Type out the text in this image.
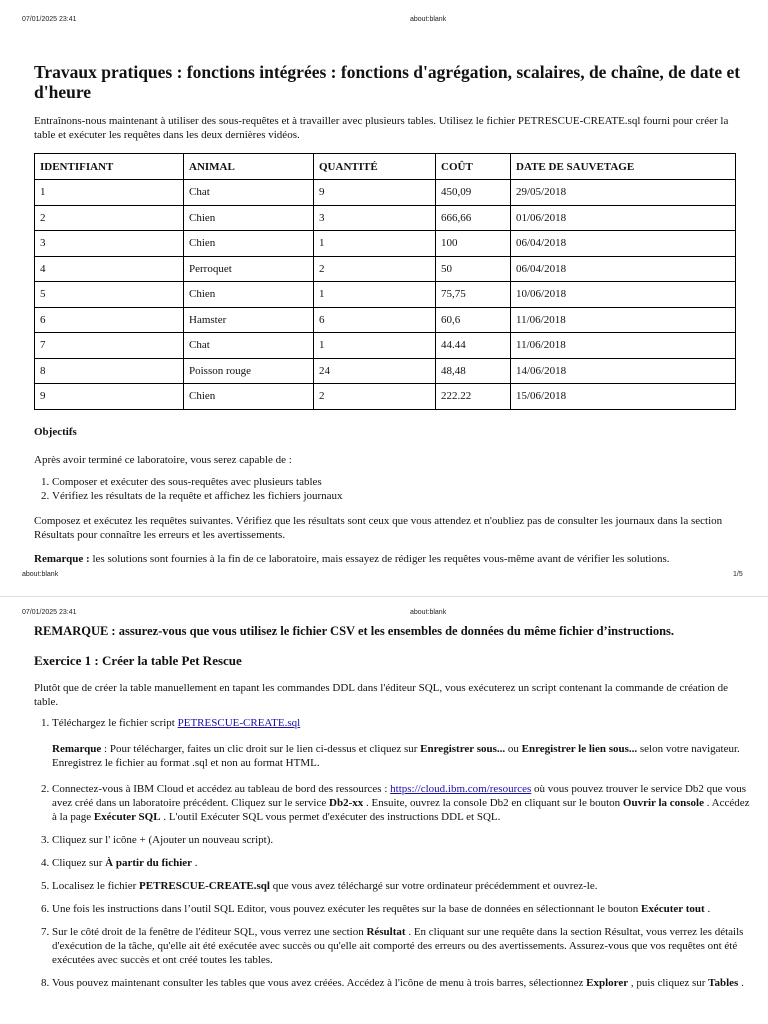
07/01/2025 23:41	about:blank
Travaux pratiques : fonctions intégrées : fonctions d'agrégation, scalaires, de chaîne, de date et d'heure

Entraînons-nous maintenant à utiliser des sous-requêtes et à travailler avec plusieurs tables. Utilisez le fichier PETRESCUE-CREATE.sql fourni pour créer la table et exécuter les requêtes dans les deux dernières vidéos.

IDENTIFIANT	ANIMAL	QUANTITÉ	COÛT	DATE DE SAUVETAGE
1	Chat	9	450,09	29/05/2018
2	Chien	3	666,66	01/06/2018
3	Chien	1	100	06/04/2018
4	Perroquet	2	50	06/04/2018
5	Chien	1	75,75	10/06/2018
6	Hamster	6	60,6	11/06/2018
7	Chat	1	44.44	11/06/2018
8	Poisson rouge	24	48,48	14/06/2018
9	Chien	2	222.22	15/06/2018

Objectifs

Après avoir terminé ce laboratoire, vous serez capable de :

1. Composer et exécuter des sous-requêtes avec plusieurs tables
2. Vérifiez les résultats de la requête et affichez les fichiers journaux

Composez et exécutez les requêtes suivantes. Vérifiez que les résultats sont ceux que vous attendez et n'oubliez pas de consulter les journaux dans la section Résultats pour connaître les erreurs et les avertissements.

Remarque : les solutions sont fournies à la fin de ce laboratoire, mais essayez de rédiger les requêtes vous-même avant de vérifier les solutions.

about:blank	1/5
07/01/2025 23:41	about:blank

REMARQUE : assurez-vous que vous utilisez le fichier CSV et les ensembles de données du même fichier d’instructions.

Exercice 1 : Créer la table Pet Rescue

Plutôt que de créer la table manuellement en tapant les commandes DDL dans l'éditeur SQL, vous exécuterez un script contenant la commande de création de table.

1. Téléchargez le fichier script PETRESCUE-CREATE.sql
Remarque : Pour télécharger, faites un clic droit sur le lien ci-dessus et cliquez sur Enregistrer sous... ou Enregistrer le lien sous... selon votre navigateur. Enregistrez le fichier au format .sql et non au format HTML.
2. Connectez-vous à IBM Cloud et accédez au tableau de bord des ressources : https://cloud.ibm.com/resources où vous pouvez trouver le service Db2 que vous avez créé dans un laboratoire précédent. Cliquez sur le service Db2-xx . Ensuite, ouvrez la console Db2 en cliquant sur le bouton Ouvrir la console . Accédez à la page Exécuter SQL . L'outil Exécuter SQL vous permet d'exécuter des instructions DDL et SQL.
3. Cliquez sur l' icône + (Ajouter un nouveau script).
4. Cliquez sur À partir du fichier .
5. Localisez le fichier PETRESCUE-CREATE.sql que vous avez téléchargé sur votre ordinateur précédemment et ouvrez-le.
6. Une fois les instructions dans l’outil SQL Editor, vous pouvez exécuter les requêtes sur la base de données en sélectionnant le bouton Exécuter tout .
7. Sur le côté droit de la fenêtre de l'éditeur SQL, vous verrez une section Résultat . En cliquant sur une requête dans la section Résultat, vous verrez les détails d'exécution de la tâche, qu'elle ait été exécutée avec succès ou qu'elle ait comporté des erreurs ou des avertissements. Assurez-vous que vos requêtes ont été exécutées avec succès et ont créé toutes les tables.
8. Vous pouvez maintenant consulter les tables que vous avez créées. Accédez à l'icône de menu à trois barres, sélectionnez Explorer , puis cliquez sur Tables .
